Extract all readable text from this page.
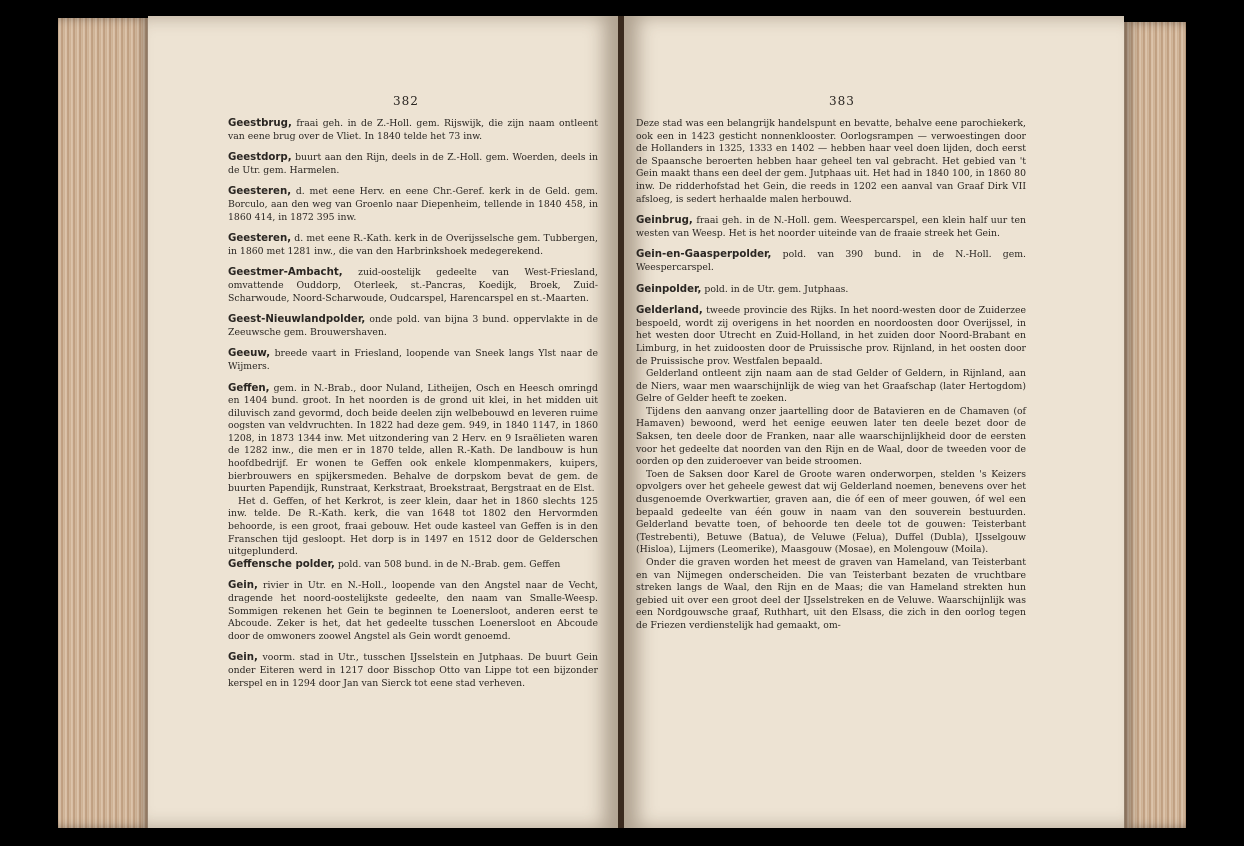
382

Geestbrug, fraai geh. in de Z.-Holl. gem. Rijswijk, die zijn naam ontleent van eene brug over de Vliet. In 1840 telde het 73 inw.

Geestdorp, buurt aan den Rijn, deels in de Z.-Holl. gem. Woerden, deels in de Utr. gem. Harmelen.

Geesteren, d. met eene Herv. en eene Chr.-Geref. kerk in de Geld. gem. Borculo, aan den weg van Groenlo naar Diepenheim, tellende in 1840 458, in 1860 414, in 1872 395 inw.

Geesteren, d. met eene R.-Kath. kerk in de Overijsselsche gem. Tubbergen, in 1860 met 1281 inw., die van den Harbrinkshoek medegerekend.

Geestmer-Ambacht, zuid-oostelijk gedeelte van West-Friesland, omvattende Ouddorp, Oterleek, st.-Pancras, Koedijk, Broek, Zuid-Scharwoude, Noord-Scharwoude, Oudcarspel, Harencarspel en st.-Maarten.

Geest-Nieuwlandpolder, onde pold. van bijna 3 bund. oppervlakte in de Zeeuwsche gem. Brouwershaven.

Geeuw, breede vaart in Friesland, loopende van Sneek langs Ylst naar de Wijmers.

Geffen, gem. in N.-Brab., door Nuland, Litheijen, Osch en Heesch omringd en 1404 bund. groot. In het noorden is de grond uit klei, in het midden uit diluvisch zand gevormd, doch beide deelen zijn welbebouwd en leveren ruime oogsten van veldvruchten. In 1822 had deze gem. 949, in 1840 1147, in 1860 1208, in 1873 1344 inw. Met uitzondering van 2 Herv. en 9 Israëlieten waren de 1282 inw., die men er in 1870 telde, allen R.-Kath. De landbouw is hun hoofdbedrijf. Er wonen te Geffen ook enkele klompenmakers, kuipers, bierbrouwers en spijkersmeden. Behalve de dorpskom bevat de gem. de buurten Papendijk, Runstraat, Kerkstraat, Broekstraat, Bergstraat en de Elst.

Het d. Geffen, of het Kerkrot, is zeer klein, daar het in 1860 slechts 125 inw. telde. De R.-Kath. kerk, die van 1648 tot 1802 den Hervormden behoorde, is een groot, fraai gebouw. Het oude kasteel van Geffen is in den Franschen tijd gesloopt. Het dorp is in 1497 en 1512 door de Gelderschen uitgeplunderd.

Geffensche polder, pold. van 508 bund. in de N.-Brab. gem. Geffen

Gein, rivier in Utr. en N.-Holl., loopende van den Angstel naar de Vecht, dragende het noord-oostelijkste gedeelte, den naam van Smalle-Weesp. Sommigen rekenen het Gein te beginnen te Loenersloot, anderen eerst te Abcoude. Zeker is het, dat het gedeelte tusschen Loenersloot en Abcoude door de omwoners zoowel Angstel als Gein wordt genoemd.

Gein, voorm. stad in Utr., tusschen IJsselstein en Jutphaas. De buurt Gein onder Eiteren werd in 1217 door Bisschop Otto van Lippe tot een bijzonder kerspel en in 1294 door Jan van Sierck tot eene stad verheven.

383

Deze stad was een belangrijk handelspunt en bevatte, behalve eene parochiekerk, ook een in 1423 gesticht nonnenklooster. Oorlogsrampen — verwoestingen door de Hollanders in 1325, 1333 en 1402 — hebben haar veel doen lijden, doch eerst de Spaansche beroerten hebben haar geheel ten val gebracht. Het gebied van 't Gein maakt thans een deel der gem. Jutphaas uit. Het had in 1840 100, in 1860 80 inw. De ridderhofstad het Gein, die reeds in 1202 een aanval van Graaf Dirk VII afsloeg, is sedert herhaalde malen herbouwd.

Geinbrug, fraai geh. in de N.-Holl. gem. Weespercarspel, een klein half uur ten westen van Weesp. Het is het noorder uiteinde van de fraaie streek het Gein.

Gein-en-Gaasperpolder, pold. van 390 bund. in de N.-Holl. gem. Weespercarspel.

Geinpolder, pold. in de Utr. gem. Jutphaas.

Gelderland, tweede provincie des Rijks. In het noord-westen door de Zuiderzee bespoeld, wordt zij overigens in het noorden en noordoosten door Overijssel, in het westen door Utrecht en Zuid-Holland, in het zuiden door Noord-Brabant en Limburg, in het zuidoosten door de Pruissische prov. Rijnland, in het oosten door de Pruissische prov. Westfalen bepaald.

Gelderland ontleent zijn naam aan de stad Gelder of Geldern, in Rijnland, aan de Niers, waar men waarschijnlijk de wieg van het Graafschap (later Hertogdom) Gelre of Gelder heeft te zoeken.

Tijdens den aanvang onzer jaartelling door de Batavieren en de Chamaven (of Hamaven) bewoond, werd het eenige eeuwen later ten deele bezet door de Saksen, ten deele door de Franken, naar alle waarschijnlijkheid door de eersten voor het gedeelte dat noorden van den Rijn en de Waal, door de tweeden voor de oorden op den zuideroever van beide stroomen.

Toen de Saksen door Karel de Groote waren onderworpen, stelden 's Keizers opvolgers over het geheele gewest dat wij Gelderland noemen, benevens over het dusgenoemde Overkwartier, graven aan, die óf een of meer gouwen, óf wel een bepaald gedeelte van één gouw in naam van den souverein bestuurden. Gelderland bevatte toen, of behoorde ten deele tot de gouwen: Teisterbant (Testrebenti), Betuwe (Batua), de Veluwe (Felua), Duffel (Dubla), IJsselgouw (Hisloa), Lijmers (Leomerike), Maasgouw (Mosae), en Molengouw (Moila).

Onder die graven worden het meest de graven van Hameland, van Teisterbant en van Nijmegen onderscheiden. Die van Teisterbant bezaten de vruchtbare streken langs de Waal, den Rijn en de Maas; die van Hameland strekten hun gebied uit over een groot deel der IJsselstreken en de Veluwe. Waarschijnlijk was een Nordgouwsche graaf, Ruthhart, uit den Elsass, die zich in den oorlog tegen de Friezen verdienstelijk had gemaakt, om-
